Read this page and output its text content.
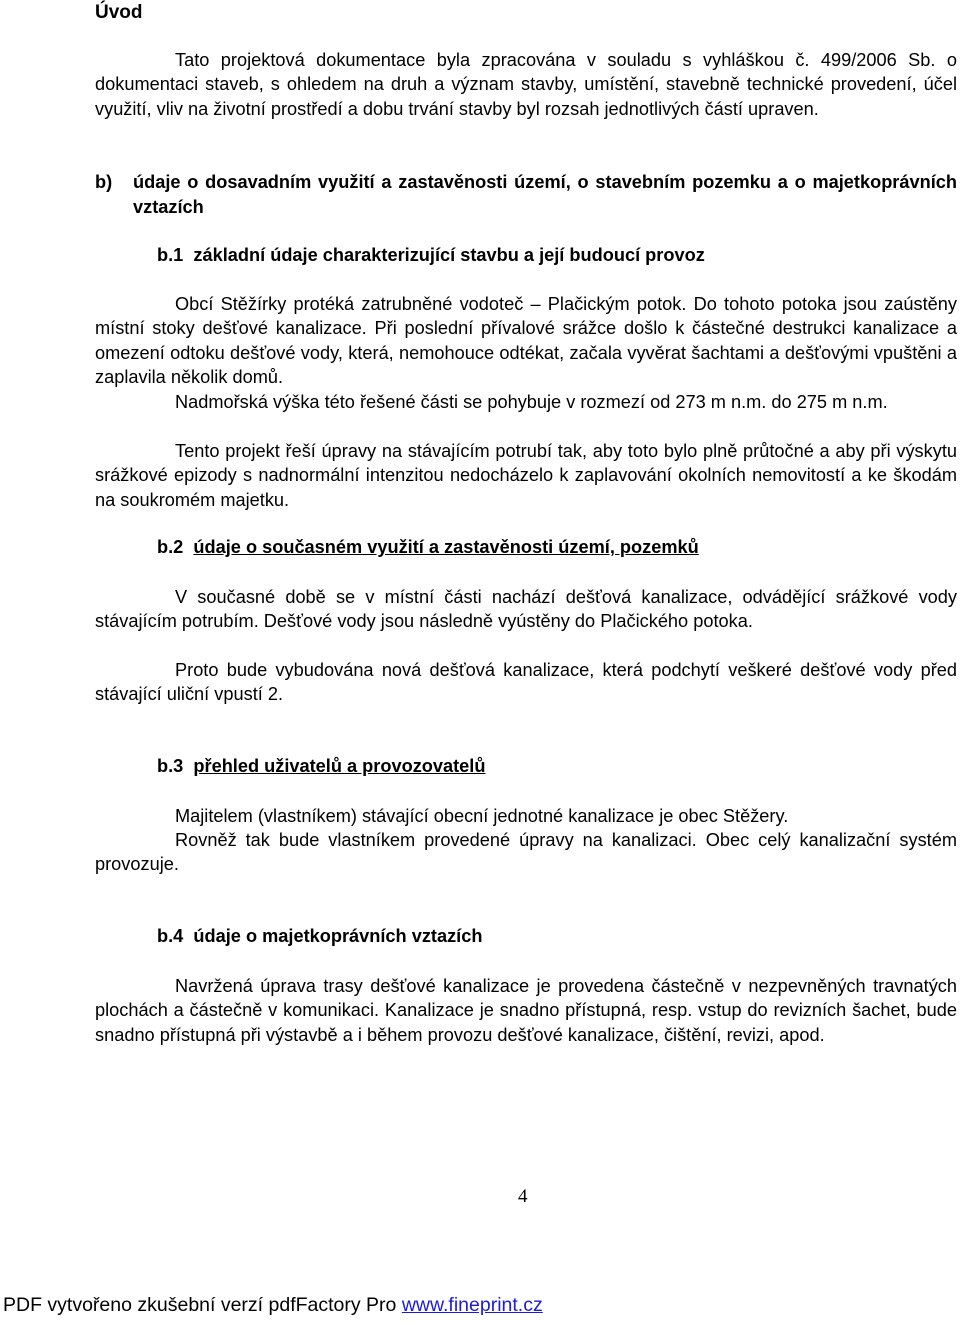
Úvod

Tato projektová dokumentace byla zpracována v souladu s vyhláškou č. 499/2006 Sb. o dokumentaci staveb, s ohledem na druh a význam stavby, umístění, stavebně technické provedení, účel využití, vliv na životní prostředí a dobu trvání stavby byl rozsah jednotlivých částí upraven.

b)	údaje o dosavadním využití a zastavěnosti území, o stavebním pozemku a o majetkoprávních vztazích
b.1 základní údaje charakterizující stavbu a její budoucí provoz

Obcí Stěžírky protéká zatrubněné vodoteč – Plačickým potok. Do tohoto potoka jsou zaústěny místní stoky dešťové kanalizace. Při poslední přívalové srážce došlo k částečné destrukci kanalizace a omezení odtoku dešťové vody, která, nemohouce odtékat, začala vyvěrat šachtami a dešťovými vpuštěni a zaplavila několik domů.

Nadmořská výška této řešené části se pohybuje v rozmezí od 273 m n.m. do 275 m n.m.

Tento projekt řeší úpravy na stávajícím potrubí tak, aby toto bylo plně průtočné a aby při výskytu srážkové epizody s nadnormální intenzitou nedocházelo k zaplavování okolních nemovitostí a ke škodám na soukromém majetku.

b.2 údaje o současném využití a zastavěnosti území, pozemků

V současné době se v místní části nachází dešťová kanalizace, odvádějící srážkové vody stávajícím potrubím. Dešťové vody jsou následně vyústěny do Plačického potoka.

Proto bude vybudována nová dešťová kanalizace, která podchytí veškeré dešťové vody před stávající uliční vpustí 2.

b.3 přehled uživatelů a provozovatelů

Majitelem (vlastníkem) stávající obecní jednotné kanalizace je obec Stěžery.

Rovněž tak bude vlastníkem provedené úpravy na kanalizaci. Obec celý kanalizační systém provozuje.

b.4 údaje o majetkoprávních vztazích

Navržená úprava trasy dešťové kanalizace je provedena částečně v nezpevněných travnatých plochách a částečně v komunikaci. Kanalizace je snadno přístupná, resp. vstup do revizních šachet, bude snadno přístupná při výstavbě a i během provozu dešťové kanalizace, čištění, revizi, apod.

4

PDF vytvořeno zkušební verzí pdfFactory Pro www.fineprint.cz
